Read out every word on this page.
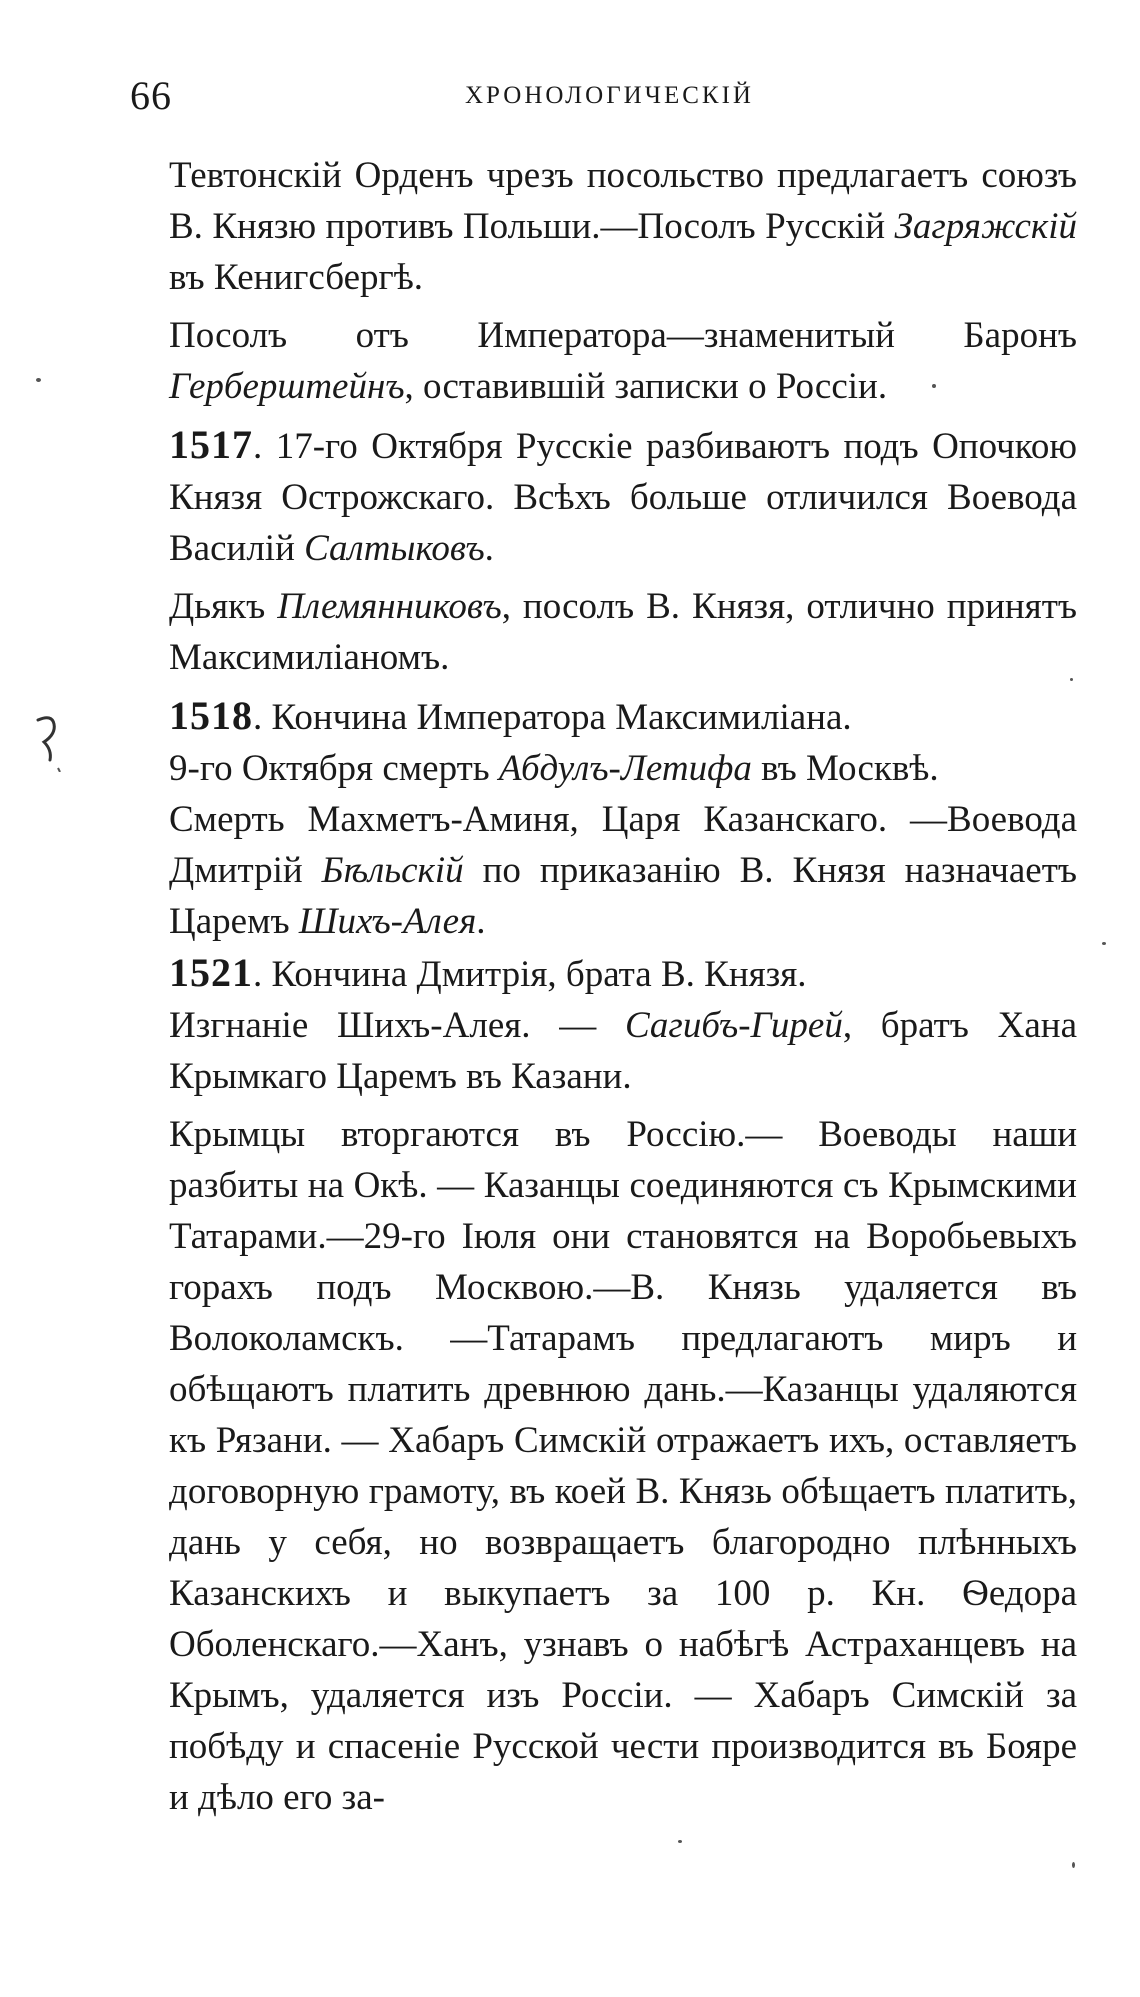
66	ХРОНОЛОГИЧЕСКІЙ

Тевтонскій Орденъ чрезъ посольство предлагаетъ союзъ В. Князю противъ Польши.—Посолъ Русскій Загряжскій въ Кенигсбергѣ.

Посолъ отъ Императора—знаменитый Баронъ Герберштейнъ, оставившій записки о Россіи.

1517. 17-го Октября Русскіе разбиваютъ подъ Опочкою Князя Острожскаго. Всѣхъ больше отличился Воевода Василій Салтыковъ.

Дьякъ Племянниковъ, посолъ В. Князя, отлично принятъ Максимиліаномъ.

1518. Кончина Императора Максимиліана.

9-го Октября смерть Абдулъ-Летифа въ Москвѣ.

Смерть Махметъ-Аминя, Царя Казанскаго. —Воевода Дмитрій Бѣльскій по приказанію В. Князя назначаетъ Царемъ Шихъ-Алея.

1521. Кончина Дмитрія, брата В. Князя.

Изгнаніе Шихъ-Алея. — Сагибъ-Гирей, братъ Хана Крымкаго Царемъ въ Казани.

Крымцы вторгаются въ Россію.— Воеводы наши разбиты на Окѣ. — Казанцы соединяются съ Крымскими Татарами.—29-го Іюля они становятся на Воробьевыхъ горахъ подъ Москвою.—В. Князь удаляется въ Волоколамскъ. —Татарамъ предлагаютъ миръ и обѣщаютъ платить древнюю дань.—Казанцы удаляются къ Рязани. — Хабаръ Симскій отражаетъ ихъ, оставляетъ договорную грамоту, въ коей В. Князь обѣщаетъ платить, дань у себя, но возвращаетъ благородно плѣнныхъ Казанскихъ и выкупаетъ за 100 р. Кн. Ѳедора Оболенскаго.—Ханъ, узнавъ о набѣгѣ Астраханцевъ на Крымъ, удаляется изъ Россіи. — Хабаръ Симскій за побѣду и спасеніе Русской чести производится въ Бояре и дѣло его за-
